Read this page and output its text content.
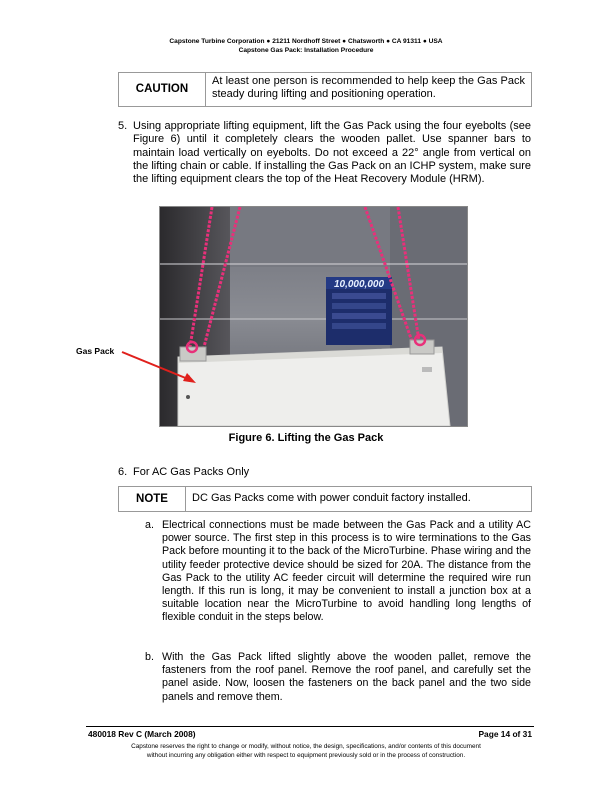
Capstone Turbine Corporation ● 21211 Nordhoff Street ● Chatsworth ● CA 91311 ● USA
Capstone Gas Pack: Installation Procedure
CAUTION
At least one person is recommended to help keep the Gas Pack steady during lifting and positioning operation.
5. Using appropriate lifting equipment, lift the Gas Pack using the four eyebolts (see Figure 6) until it completely clears the wooden pallet. Use spanner bars to maintain load vertically on eyebolts. Do not exceed a 22° angle from vertical on the lifting chain or cable. If installing the Gas Pack on an ICHP system, make sure the lifting equipment clears the top of the Heat Recovery Module (HRM).
10,000,000
Gas Pack
Figure 6. Lifting the Gas Pack
6. For AC Gas Packs Only
NOTE	DC Gas Packs come with power conduit factory installed.
a. Electrical connections must be made between the Gas Pack and a utility AC power source. The first step in this process is to wire terminations to the Gas Pack before mounting it to the back of the MicroTurbine. Phase wiring and the utility feeder protective device should be sized for 20A. The distance from the Gas Pack to the utility AC feeder circuit will determine the required wire run length. If this run is long, it may be convenient to install a junction box at a suitable location near the MicroTurbine to avoid handling long lengths of flexible conduit in the steps below.
b. With the Gas Pack lifted slightly above the wooden pallet, remove the fasteners from the roof panel. Remove the roof panel, and carefully set the panel aside. Now, loosen the fasteners on the back panel and the two side panels and remove them.
480018 Rev C (March 2008)	Page 14 of 31
Capstone reserves the right to change or modify, without notice, the design, specifications, and/or contents of this document
without incurring any obligation either with respect to equipment previously sold or in the process of construction.
